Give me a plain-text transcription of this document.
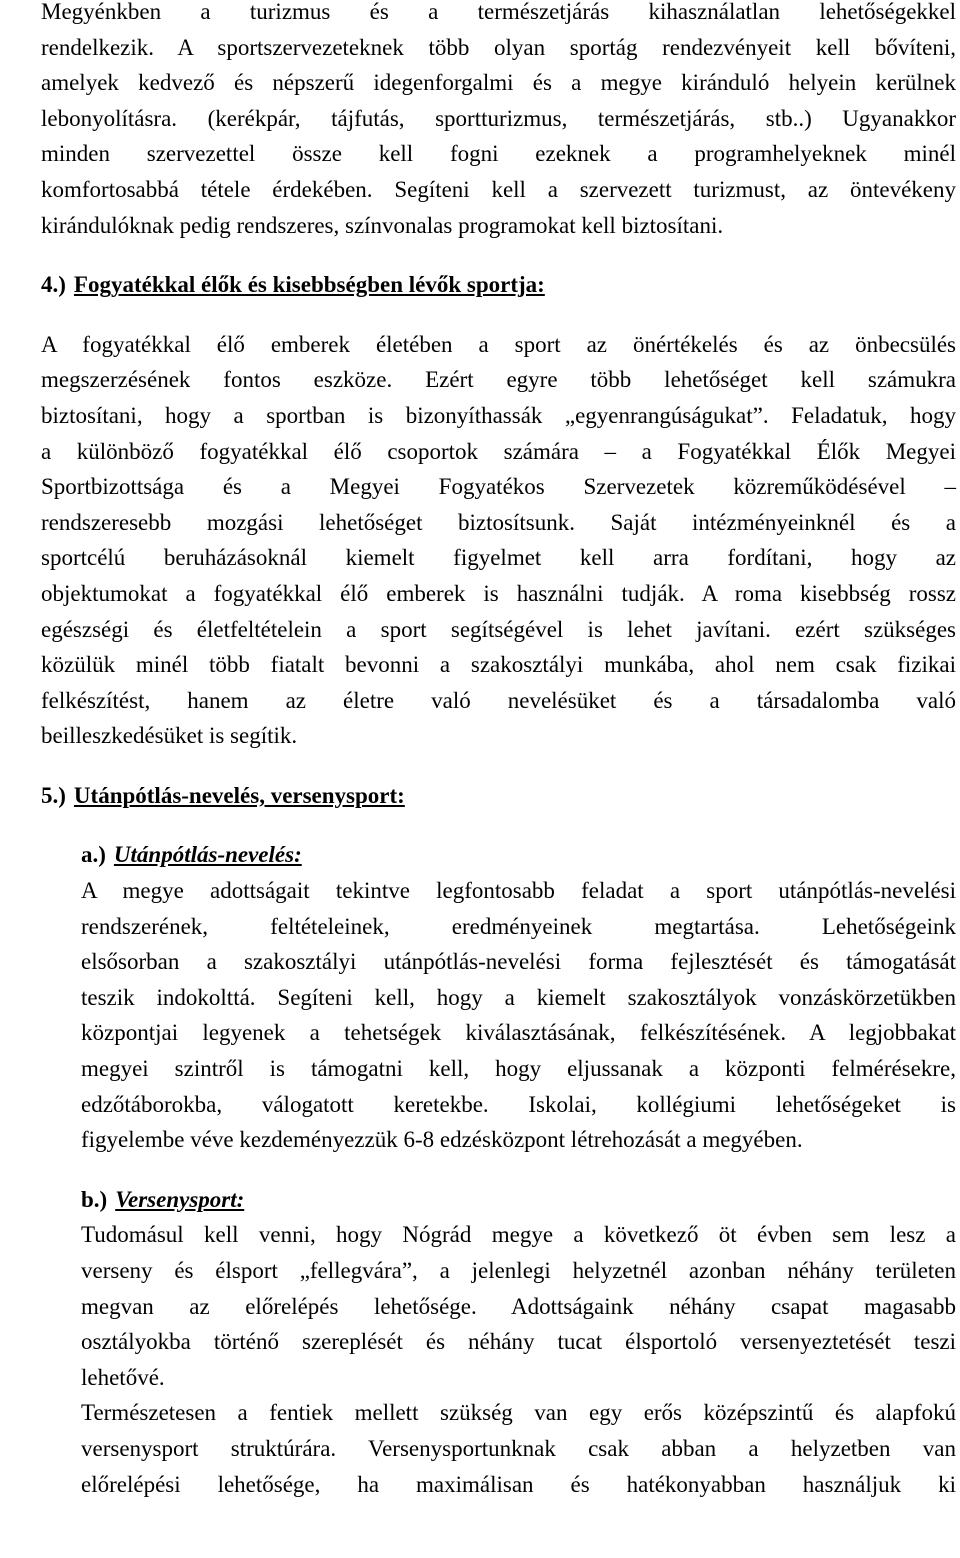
Megyénkben a turizmus és a természetjárás kihasználatlan lehetőségekkel
rendelkezik. A sportszervezeteknek több olyan sportág rendezvényeit kell bővíteni,
amelyek kedvező és népszerű idegenforgalmi és a megye kiránduló helyein kerülnek
lebonyolításra. (kerékpár, tájfutás, sportturizmus, természetjárás, stb..) Ugyanakkor
minden szervezettel össze kell fogni ezeknek a programhelyeknek minél
komfortosabbá tétele érdekében. Segíteni kell a szervezett turizmust, az öntevékeny
kirándulóknak pedig rendszeres, színvonalas programokat kell biztosítani.
4.) Fogyatékkal élők és kisebbségben lévők sportja:
A fogyatékkal élő emberek életében a sport az önértékelés és az önbecsülés
megszerzésének fontos eszköze. Ezért egyre több lehetőséget kell számukra
biztosítani, hogy a sportban is bizonyíthassák „egyenrangúságukat”. Feladatuk, hogy
a különböző fogyatékkal élő csoportok számára – a Fogyatékkal Élők Megyei
Sportbizottsága és a Megyei Fogyatékos Szervezetek közreműködésével –
rendszeresebb mozgási lehetőséget biztosítsunk. Saját intézményeinknél és a
sportcélú beruházásoknál kiemelt figyelmet kell arra fordítani, hogy az
objektumokat a fogyatékkal élő emberek is használni tudják. A roma kisebbség rossz
egészségi és életfeltételein a sport segítségével is lehet javítani. ezért szükséges
közülük minél több fiatalt bevonni a szakosztályi munkába, ahol nem csak fizikai
felkészítést, hanem az életre való nevelésüket és a társadalomba való
beilleszkedésüket is segítik.
5.) Utánpótlás-nevelés, versenysport:
a.) Utánpótlás-nevelés:
A megye adottságait tekintve legfontosabb feladat a sport utánpótlás-nevelési
rendszerének, feltételeinek, eredményeinek megtartása. Lehetőségeink
elsősorban a szakosztályi utánpótlás-nevelési forma fejlesztését és támogatását
teszik indokolttá. Segíteni kell, hogy a kiemelt szakosztályok vonzáskörzetükben
központjai legyenek a tehetségek kiválasztásának, felkészítésének. A legjobbakat
megyei szintről is támogatni kell, hogy eljussanak a központi felmérésekre,
edzőtáborokba, válogatott keretekbe. Iskolai, kollégiumi lehetőségeket is
figyelembe véve kezdeményezzük 6-8 edzésközpont létrehozását a megyében.
b.) Versenysport:
Tudomásul kell venni, hogy Nógrád megye a következő öt évben sem lesz a
verseny és élsport „fellegvára”, a jelenlegi helyzetnél azonban néhány területen
megvan az előrelépés lehetősége. Adottságaink néhány csapat magasabb
osztályokba történő szereplését és néhány tucat élsportoló versenyeztetését teszi
lehetővé.
Természetesen a fentiek mellett szükség van egy erős középszintű és alapfokú
versenysport struktúrára. Versenysportunknak csak abban a helyzetben van
előrelépési lehetősége, ha maximálisan és hatékonyabban használjuk ki
